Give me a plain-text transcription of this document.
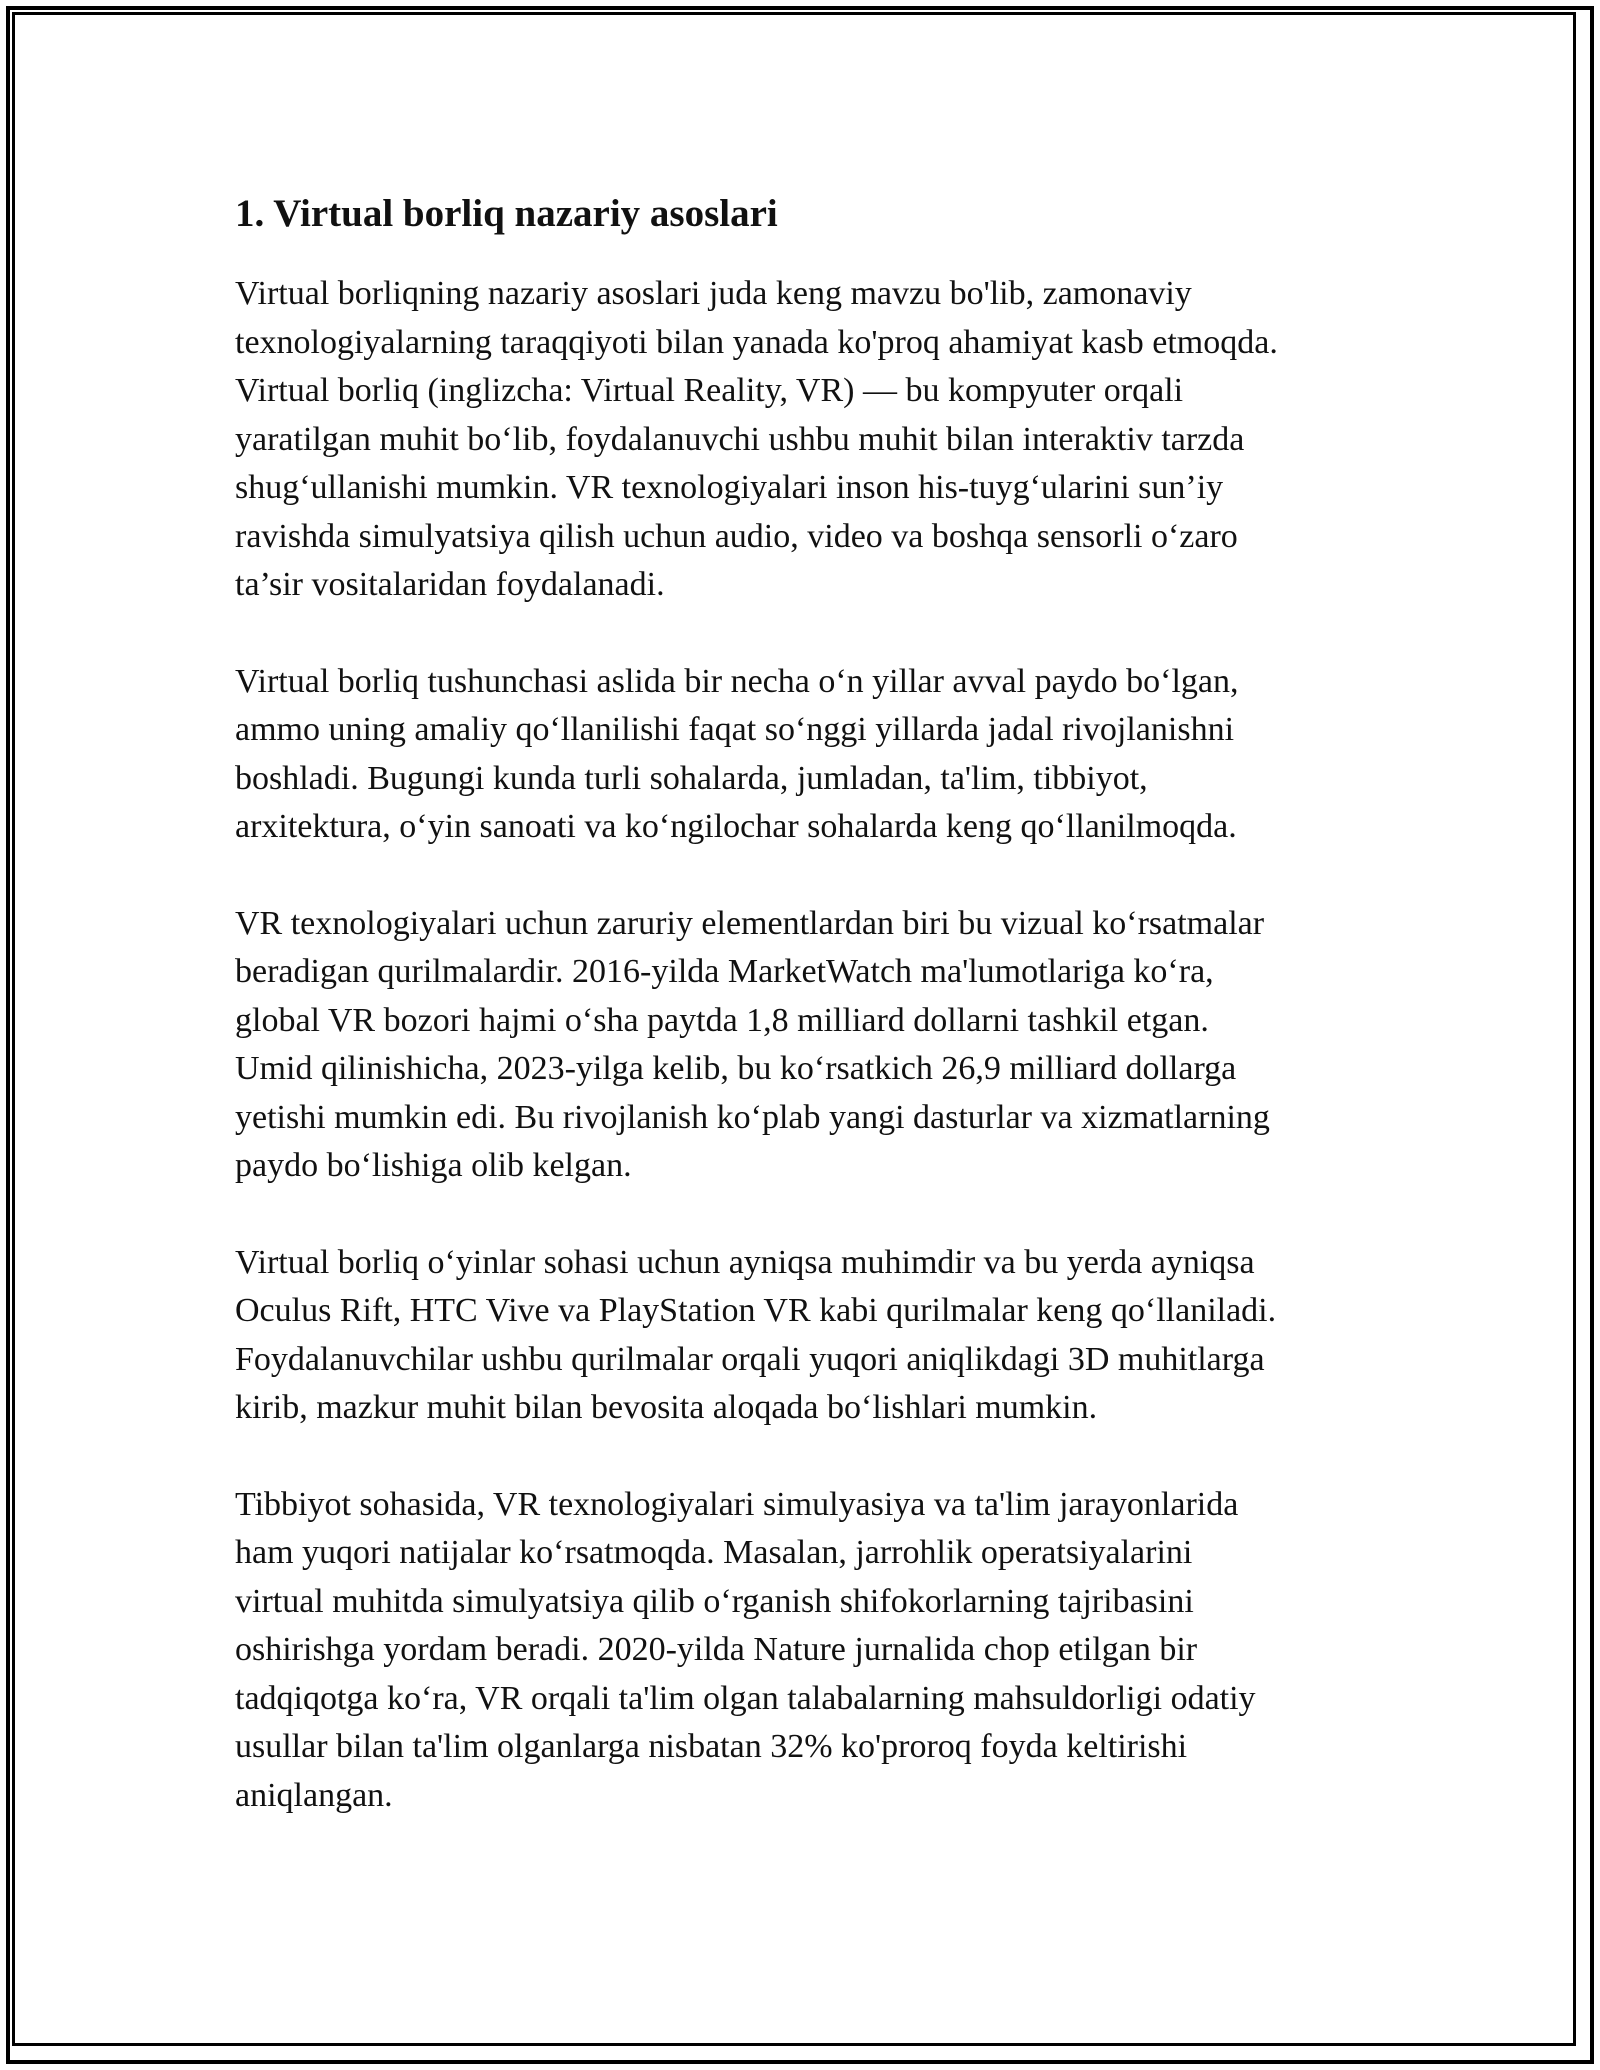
1. Virtual borliq nazariy asoslari

Virtual borliqning nazariy asoslari juda keng mavzu bo'lib, zamonaviy
texnologiyalarning taraqqiyoti bilan yanada ko'proq ahamiyat kasb etmoqda.
Virtual borliq (inglizcha: Virtual Reality, VR) — bu kompyuter orqali
yaratilgan muhit bo‘lib, foydalanuvchi ushbu muhit bilan interaktiv tarzda
shug‘ullanishi mumkin. VR texnologiyalari inson his-tuyg‘ularini sun’iy
ravishda simulyatsiya qilish uchun audio, video va boshqa sensorli o‘zaro
ta’sir vositalaridan foydalanadi.

Virtual borliq tushunchasi aslida bir necha o‘n yillar avval paydo bo‘lgan,
ammo uning amaliy qo‘llanilishi faqat so‘nggi yillarda jadal rivojlanishni
boshladi. Bugungi kunda turli sohalarda, jumladan, ta'lim, tibbiyot,
arxitektura, o‘yin sanoati va ko‘ngilochar sohalarda keng qo‘llanilmoqda.

VR texnologiyalari uchun zaruriy elementlardan biri bu vizual ko‘rsatmalar
beradigan qurilmalardir. 2016-yilda MarketWatch ma'lumotlariga ko‘ra,
global VR bozori hajmi o‘sha paytda 1,8 milliard dollarni tashkil etgan.
Umid qilinishicha, 2023-yilga kelib, bu ko‘rsatkich 26,9 milliard dollarga
yetishi mumkin edi. Bu rivojlanish ko‘plab yangi dasturlar va xizmatlarning
paydo bo‘lishiga olib kelgan.

Virtual borliq o‘yinlar sohasi uchun ayniqsa muhimdir va bu yerda ayniqsa
Oculus Rift, HTC Vive va PlayStation VR kabi qurilmalar keng qo‘llaniladi.
Foydalanuvchilar ushbu qurilmalar orqali yuqori aniqlikdagi 3D muhitlarga
kirib, mazkur muhit bilan bevosita aloqada bo‘lishlari mumkin.

Tibbiyot sohasida, VR texnologiyalari simulyasiya va ta'lim jarayonlarida
ham yuqori natijalar ko‘rsatmoqda. Masalan, jarrohlik operatsiyalarini
virtual muhitda simulyatsiya qilib o‘rganish shifokorlarning tajribasini
oshirishga yordam beradi. 2020-yilda Nature jurnalida chop etilgan bir
tadqiqotga ko‘ra, VR orqali ta'lim olgan talabalarning mahsuldorligi odatiy
usullar bilan ta'lim olganlarga nisbatan 32% ko'proroq foyda keltirishi
aniqlangan.
